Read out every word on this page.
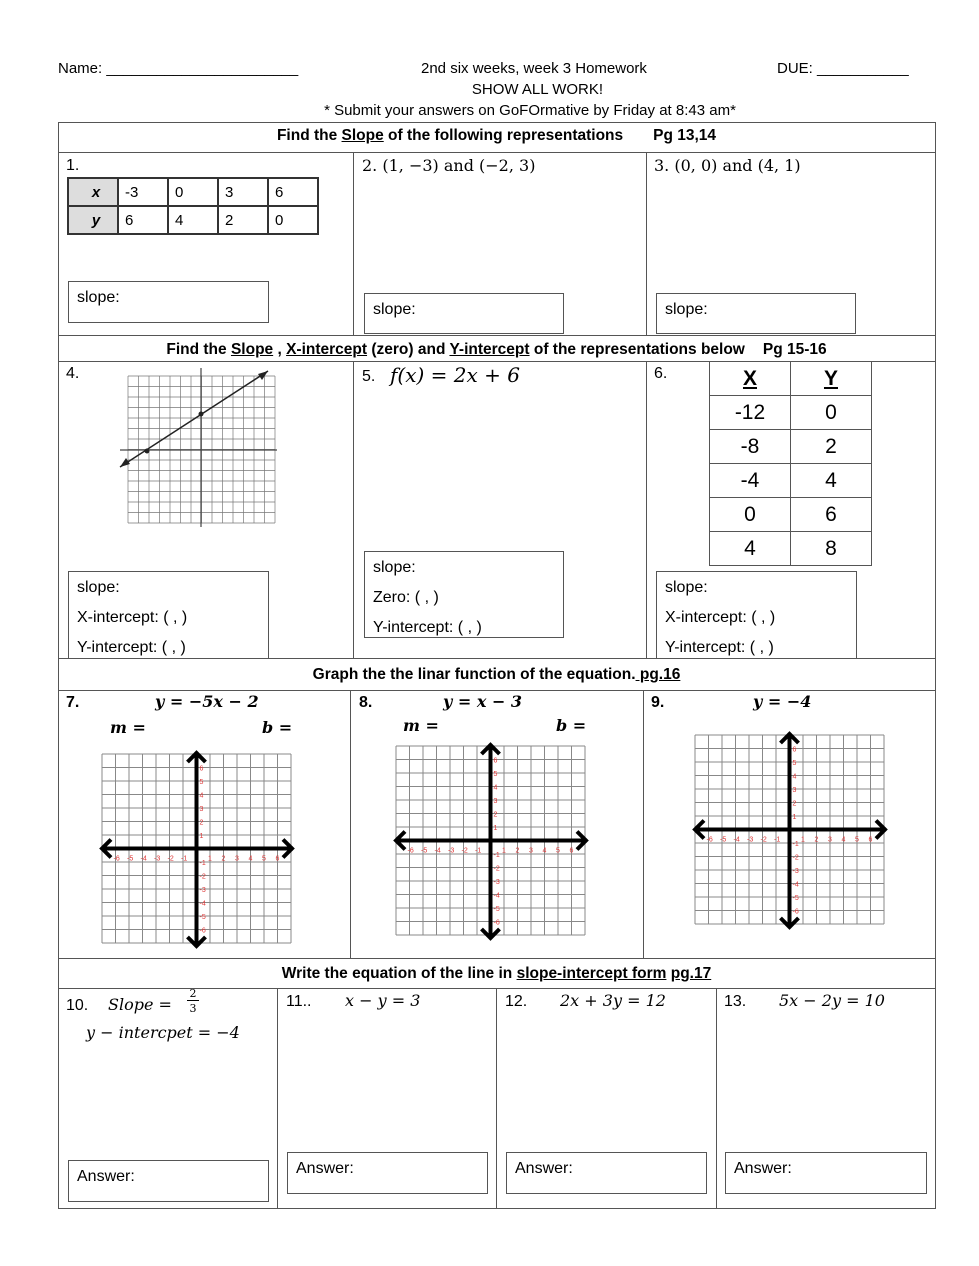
Name: _______________________	2nd six weeks, week 3 Homework	DUE: ___________
SHOW ALL WORK!
* Submit your answers on GoFOrmative by Friday at 8:43 am*
Find the Slope of the following representations Pg 13,14
1.
x	-3	0	3	6
y	6	4	2	0
slope:
2. (1, −3) and (−2, 3)
slope:
3. (0, 0) and (4, 1)
slope:
Find the Slope , X-intercept (zero) and Y-intercept of the representations below Pg 15-16
4.
slope:
X-intercept: ( , )
Y-intercept: ( , )
5. f(x) = 2x + 6
slope:
Zero: ( , )
Y-intercept: ( , )
6.	X	Y
-12	0
-8	2
-4	4
0	6
4	8
slope:
X-intercept: ( , )
Y-intercept: ( , )
Graph the the linar function of the equation. pg.16
7.	y = −5x − 2
m =	b =
-6
-6
-5
-5
-4
-4
-3
-3
-2
-2
-1
-1
1
1
2
2
3
3
4
4
5
5
6
6
8.	y = x − 3
m =	b =
-6
-6
-5
-5
-4
-4
-3
-3
-2
-2
-1
-1
1
1
2
2
3
3
4
4
5
5
6
6
9.	y = −4
-6
-6
-5
-5
-4
-4
-3
-3
-2
-2
-1
-1
1
1
2
2
3
3
4
4
5
5
6
6
Write the equation of the line in slope-intercept form pg.17
10. Slope =
2
3
y − intercpet = −4
Answer:
11.. x − y = 3
Answer:
12. 2x + 3y = 12
Answer:
13. 5x − 2y = 10
Answer:
